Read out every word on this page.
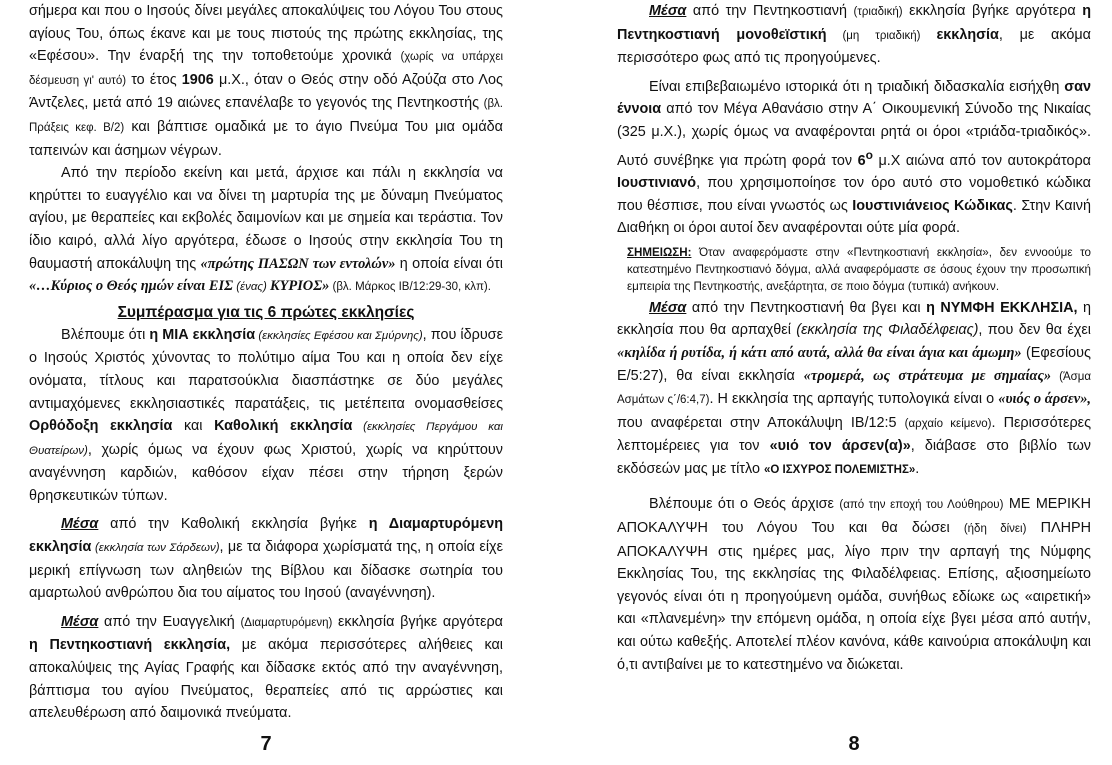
σήμερα και που ο Ιησούς δίνει μεγάλες αποκαλύψεις του Λόγου Του στους αγίους Του, όπως έκανε και με τους πιστούς της πρώτης εκκλησίας, της «Εφέσου». Την έναρξή της την τοποθετούμε χρονικά (χωρίς να υπάρχει δέσμευση γι' αυτό) το έτος 1906 μ.Χ., όταν ο Θεός στην οδό Αζούζα στο Λος Άντζελες, μετά από 19 αιώνες επανέλαβε το γεγονός της Πεντηκοστής (βλ. Πράξεις κεφ. Β/2) και βάπτισε ομαδικά με το άγιο Πνεύμα Του μια ομάδα ταπεινών και άσημων νέγρων.

Από την περίοδο εκείνη και μετά, άρχισε και πάλι η εκκλησία να κηρύττει το ευαγγέλιο και να δίνει τη μαρτυρία της με δύναμη Πνεύματος αγίου, με θεραπείες και εκβολές δαιμονίων και με σημεία και τεράστια. Τον ίδιο καιρό, αλλά λίγο αργότερα, έδωσε ο Ιησούς στην εκκλησία Του τη θαυμαστή αποκάλυψη της «πρώτης ΠΑΣΩΝ των εντολών» η οποία είναι ότι «…Κύριος ο Θεός ημών είναι ΕΙΣ (ένας) ΚΥΡΙΟΣ» (βλ. Μάρκος ΙΒ/12:29-30, κλπ).

Συμπέρασμα για τις 6 πρώτες εκκλησίες

Βλέπουμε ότι η ΜΙΑ εκκλησία (εκκλησίες Εφέσου και Σμύρνης), που ίδρυσε ο Ιησούς Χριστός χύνοντας το πολύτιμο αίμα Του και η οποία δεν είχε ονόματα, τίτλους και παρατσούκλια διασπάστηκε σε δύο μεγάλες αντιμαχόμενες εκκλησιαστικές παρατάξεις, τις μετέπειτα ονομασθείσες Ορθόδοξη εκκλησία και Καθολική εκκλησία (εκκλησίες Περγάμου και Θυατείρων), χωρίς όμως να έχουν φως Χριστού, χωρίς να κηρύττουν αναγέννηση καρδιών, καθόσον είχαν πέσει στην τήρηση ξερών θρησκευτικών τύπων.

Μέσα από την Καθολική εκκλησία βγήκε η Διαμαρτυρόμενη εκκλησία (εκκλησία των Σάρδεων), με τα διάφορα χωρίσματά της, η οποία είχε μερική επίγνωση των αληθειών της Βίβλου και δίδασκε σωτηρία του αμαρτωλού ανθρώπου δια του αίματος του Ιησού (αναγέννηση).

Μέσα από την Ευαγγελική (Διαμαρτυρόμενη) εκκλησία βγήκε αργότερα η Πεντηκοστιανή εκκλησία, με ακόμα περισσότερες αλήθειες και αποκαλύψεις της Αγίας Γραφής και δίδασκε εκτός από την αναγέννηση, βάπτισμα του αγίου Πνεύματος, θεραπείες από τις αρρώστιες και απελευθέρωση από δαιμονικά πνεύματα.

7

Μέσα από την Πεντηκοστιανή (τριαδική) εκκλησία βγήκε αργότερα η Πεντηκοστιανή μονοθεϊστική (μη τριαδική) εκκλησία, με ακόμα περισσότερο φως από τις προηγούμενες.

Είναι επιβεβαιωμένο ιστορικά ότι η τριαδική διδασκαλία εισήχθη σαν έννοια από τον Μέγα Αθανάσιο στην Α΄ Οικουμενική Σύνοδο της Νικαίας (325 μ.Χ.), χωρίς όμως να αναφέρονται ρητά οι όροι «τριάδα-τριαδικός». Αυτό συνέβηκε για πρώτη φορά τον $6^o$ μ.Χ αιώνα από τον αυτοκράτορα Ιουστινιανό, που χρησιμοποίησε τον όρο αυτό στο νομοθετικό κώδικα που θέσπισε, που είναι γνωστός ως Ιουστινιάνειος Κώδικας. Στην Καινή Διαθήκη οι όροι αυτοί δεν αναφέρονται ούτε μία φορά.

ΣΗΜΕΙΩΣΗ: Όταν αναφερόμαστε στην «Πεντηκοστιανή εκκλησία», δεν εννοούμε το κατεστημένο Πεντηκοστιανό δόγμα, αλλά αναφερόμαστε σε όσους έχουν την προσωπική εμπειρία της Πεντηκοστής, ανεξάρτητα, σε ποιο δόγμα (τυπικά) ανήκουν.

Μέσα από την Πεντηκοστιανή θα βγει και η ΝΥΜΦΗ ΕΚΚΛΗΣΙΑ, η εκκλησία που θα αρπαχθεί (εκκλησία της Φιλαδέλφειας), που δεν θα έχει «κηλίδα ή ρυτίδα, ή κάτι από αυτά, αλλά θα είναι άγια και άμωμη» (Εφεσίους Ε/5:27), θα είναι εκκλησία «τρομερά, ως στράτευμα με σημαίας» (Άσμα Ασμάτων ς΄/6:4,7). Η εκκλησία της αρπαγής τυπολογικά είναι ο «υιός ο άρσεν», που αναφέρεται στην Αποκάλυψη ΙΒ/12:5 (αρχαίο κείμενο). Περισσότερες λεπτομέρειες για τον «υιό τον άρσεν(α)», διάβασε στο βιβλίο των εκδόσεών μας με τίτλο «Ο ΙΣΧΥΡΟΣ ΠΟΛΕΜΙΣΤΗΣ».

Βλέπουμε ότι ο Θεός άρχισε (από την εποχή του Λούθηρου) ΜΕ ΜΕΡΙΚΗ ΑΠΟΚΑΛΥΨΗ του Λόγου Του και θα δώσει (ήδη δίνει) ΠΛΗΡΗ ΑΠΟΚΑΛΥΨΗ στις ημέρες μας, λίγο πριν την αρπαγή της Νύμφης Εκκλησίας Του, της εκκλησίας της Φιλαδέλφειας. Επίσης, αξιοσημείωτο γεγονός είναι ότι η προηγούμενη ομάδα, συνήθως εδίωκε ως «αιρετική» και «πλανεμένη» την επόμενη ομάδα, η οποία είχε βγει μέσα από αυτήν, και ούτω καθεξής. Αποτελεί πλέον κανόνα, κάθε καινούρια αποκάλυψη και ό,τι αντιβαίνει με το κατεστημένο να διώκεται.

8
